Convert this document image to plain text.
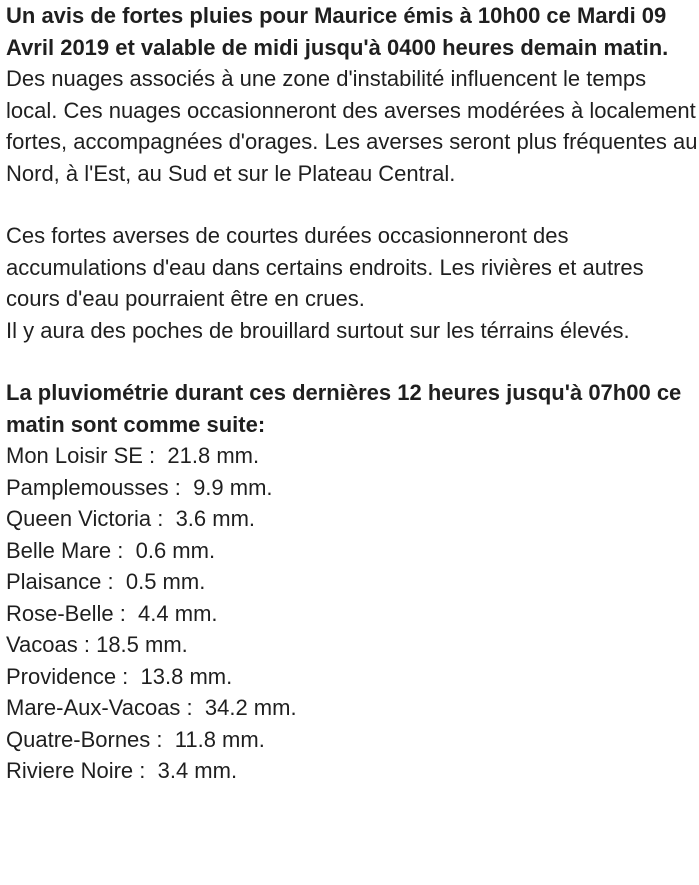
Un avis de fortes pluies pour Maurice émis à 10h00 ce Mardi 09 Avril 2019 et valable de midi jusqu'à 0400 heures demain matin.

Des nuages associés à une zone d'instabilité influencent le temps local. Ces nuages occasionneront des averses modérées à localement fortes, accompagnées d'orages. Les averses seront plus fréquentes au Nord, à l'Est, au Sud et sur le Plateau Central.

Ces fortes averses de courtes durées occasionneront des accumulations d'eau dans certains endroits. Les rivières et autres cours d'eau pourraient être en crues.

Il y aura des poches de brouillard surtout sur les térrains élevés.

La pluviométrie durant ces dernières 12 heures jusqu'à 07h00 ce matin sont comme suite:

Mon Loisir SE :  21.8 mm.
Pamplemousses :  9.9 mm.
Queen Victoria :  3.6 mm.
Belle Mare :  0.6 mm.
Plaisance :  0.5 mm.
Rose-Belle :  4.4 mm.
Vacoas : 18.5 mm.
Providence :  13.8 mm.
Mare-Aux-Vacoas :  34.2 mm.
Quatre-Bornes :  11.8 mm.
Riviere Noire :  3.4 mm.
